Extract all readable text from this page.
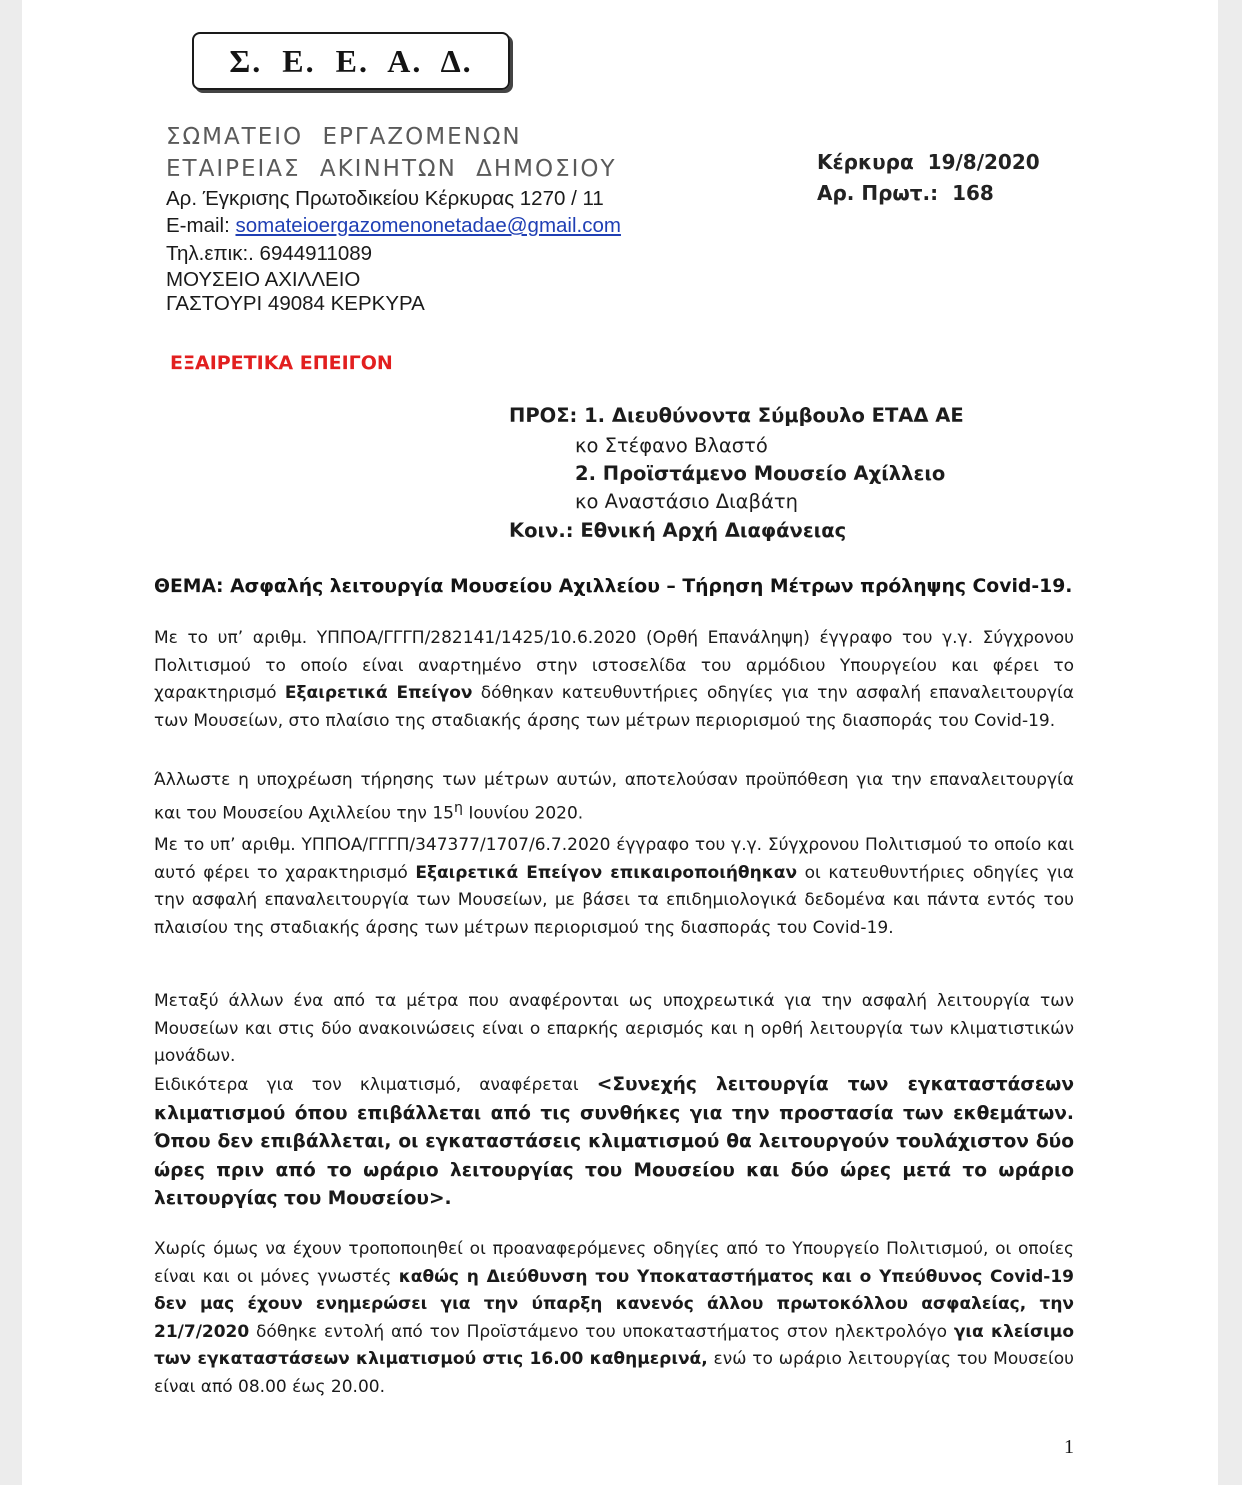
Σ. Ε. Ε. Α. Δ.
ΣΩΜΑΤΕΙΟ ΕΡΓΑΖΟΜΕΝΩΝ
ΕΤΑΙΡΕΙΑΣ ΑΚΙΝΗΤΩΝ ΔΗΜΟΣΙΟΥ
Αρ. Έγκρισης Πρωτοδικείου Κέρκυρας 1270 / 11
E-mail: somateioergazomenonetadae@gmail.com
Τηλ.επικ:. 6944911089
ΜΟΥΣΕΙΟ ΑΧΙΛΛΕΙΟ
ΓΑΣΤΟΥΡΙ 49084 ΚΕΡΚΥΡΑ
Κέρκυρα 19/8/2020
Αρ. Πρωτ.: 168
ΕΞΑΙΡΕΤΙΚΑ ΕΠΕΙΓΟΝ
ΠΡΟΣ: 1. Διευθύνοντα Σύμβουλο ΕΤΑΔ ΑΕ
κο Στέφανο Βλαστό
2. Προϊστάμενο Μουσείο Αχίλλειο
κο Αναστάσιο Διαβάτη
Κοιν.: Εθνική Αρχή Διαφάνειας
ΘΕΜΑ: Ασφαλής λειτουργία Μουσείου Αχιλλείου – Τήρηση Μέτρων πρόληψης Covid-19.
Με το υπ’ αριθμ. ΥΠΠΟΑ/ΓΓΓΠ/282141/1425/10.6.2020 (Ορθή Επανάληψη) έγγραφο του γ.γ. Σύγχρονου Πολιτισμού το οποίο είναι αναρτημένο στην ιστοσελίδα του αρμόδιου Υπουργείου και φέρει το χαρακτηρισμό Εξαιρετικά Επείγον δόθηκαν κατευθυντήριες οδηγίες για την ασφαλή επαναλειτουργία των Μουσείων, στο πλαίσιο της σταδιακής άρσης των μέτρων περιορισμού της διασποράς του Covid-19.
Άλλωστε η υποχρέωση τήρησης των μέτρων αυτών, αποτελούσαν προϋπόθεση για την επαναλειτουργία και του Μουσείου Αχιλλείου την $15^\eta$ Ιουνίου 2020.
Με το υπ’ αριθμ. ΥΠΠΟΑ/ΓΓΓΠ/347377/1707/6.7.2020 έγγραφο του γ.γ. Σύγχρονου Πολιτισμού το οποίο και αυτό φέρει το χαρακτηρισμό Εξαιρετικά Επείγον επικαιροποιήθηκαν οι κατευθυντήριες οδηγίες για την ασφαλή επαναλειτουργία των Μουσείων, με βάσει τα επιδημιολογικά δεδομένα και πάντα εντός του πλαισίου της σταδιακής άρσης των μέτρων περιορισμού της διασποράς του Covid-19.
Μεταξύ άλλων ένα από τα μέτρα που αναφέρονται ως υποχρεωτικά για την ασφαλή λειτουργία των Μουσείων και στις δύο ανακοινώσεις είναι ο επαρκής αερισμός και η ορθή λειτουργία των κλιματιστικών μονάδων.
Ειδικότερα για τον κλιματισμό, αναφέρεται <Συνεχής λειτουργία των εγκαταστάσεων κλιματισμού όπου επιβάλλεται από τις συνθήκες για την προστασία των εκθεμάτων. Όπου δεν επιβάλλεται, οι εγκαταστάσεις κλιματισμού θα λειτουργούν τουλάχιστον δύο ώρες πριν από το ωράριο λειτουργίας του Μουσείου και δύο ώρες μετά το ωράριο λειτουργίας του Μουσείου>.
Χωρίς όμως να έχουν τροποποιηθεί οι προαναφερόμενες οδηγίες από το Υπουργείο Πολιτισμού, οι οποίες είναι και οι μόνες γνωστές καθώς η Διεύθυνση του Υποκαταστήματος και ο Υπεύθυνος Covid-19 δεν μας έχουν ενημερώσει για την ύπαρξη κανενός άλλου πρωτοκόλλου ασφαλείας, την 21/7/2020 δόθηκε εντολή από τον Προϊστάμενο του υποκαταστήματος στον ηλεκτρολόγο για κλείσιμο των εγκαταστάσεων κλιματισμού στις 16.00 καθημερινά, ενώ το ωράριο λειτουργίας του Μουσείου είναι από 08.00 έως 20.00.
1
